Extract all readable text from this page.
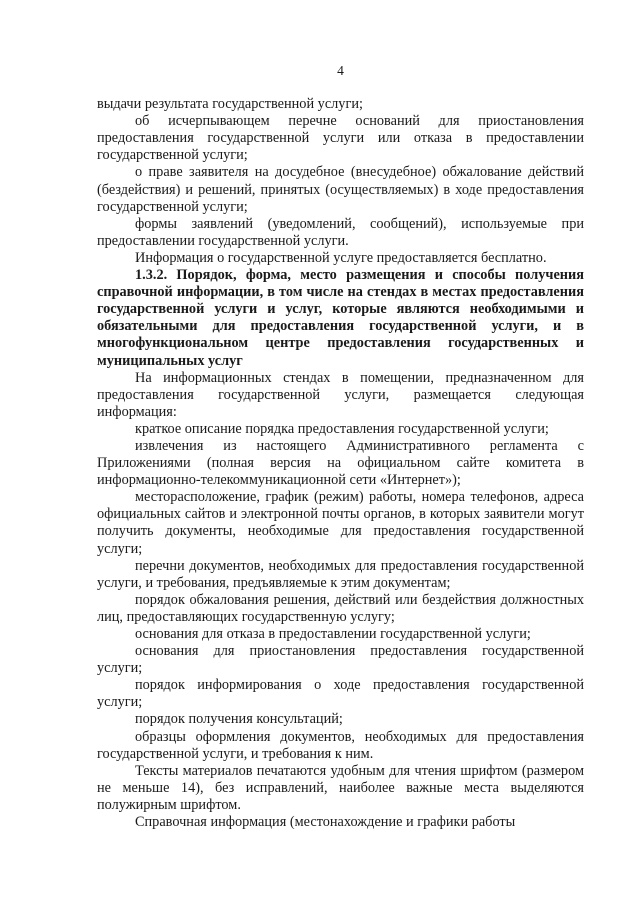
4

выдачи результата государственной услуги;

об исчерпывающем перечне оснований для приостановления предоставления государственной услуги или отказа в предоставлении государственной услуги;

о праве заявителя на досудебное (внесудебное) обжалование действий (бездействия) и решений, принятых (осуществляемых) в ходе предоставления государственной услуги;

формы заявлений (уведомлений, сообщений), используемые при предоставлении государственной услуги.

Информация о государственной услуге предоставляется бесплатно.

1.3.2. Порядок, форма, место размещения и способы получения справочной информации, в том числе на стендах в местах предоставления государственной услуги и услуг, которые являются необходимыми и обязательными для предоставления государственной услуги, и в многофункциональном центре предоставления государственных и муниципальных услуг

На информационных стендах в помещении, предназначенном для предоставления государственной услуги, размещается следующая информация:

краткое описание порядка предоставления государственной услуги;

извлечения из настоящего Административного регламента с Приложениями (полная версия на официальном сайте комитета в информационно-телекоммуникационной сети «Интернет»);

месторасположение, график (режим) работы, номера телефонов, адреса официальных сайтов и электронной почты органов, в которых заявители могут получить документы, необходимые для предоставления государственной услуги;

перечни документов, необходимых для предоставления государственной услуги, и требования, предъявляемые к этим документам;

порядок обжалования решения, действий или бездействия должностных лиц, предоставляющих государственную услугу;

основания для отказа в предоставлении государственной услуги;

основания для приостановления предоставления государственной услуги;

порядок информирования о ходе предоставления государственной услуги;

порядок получения консультаций;

образцы оформления документов, необходимых для предоставления государственной услуги, и требования к ним.

Тексты материалов печатаются удобным для чтения шрифтом (размером не меньше 14), без исправлений, наиболее важные места выделяются полужирным шрифтом.

Справочная информация (местонахождение и графики работы
